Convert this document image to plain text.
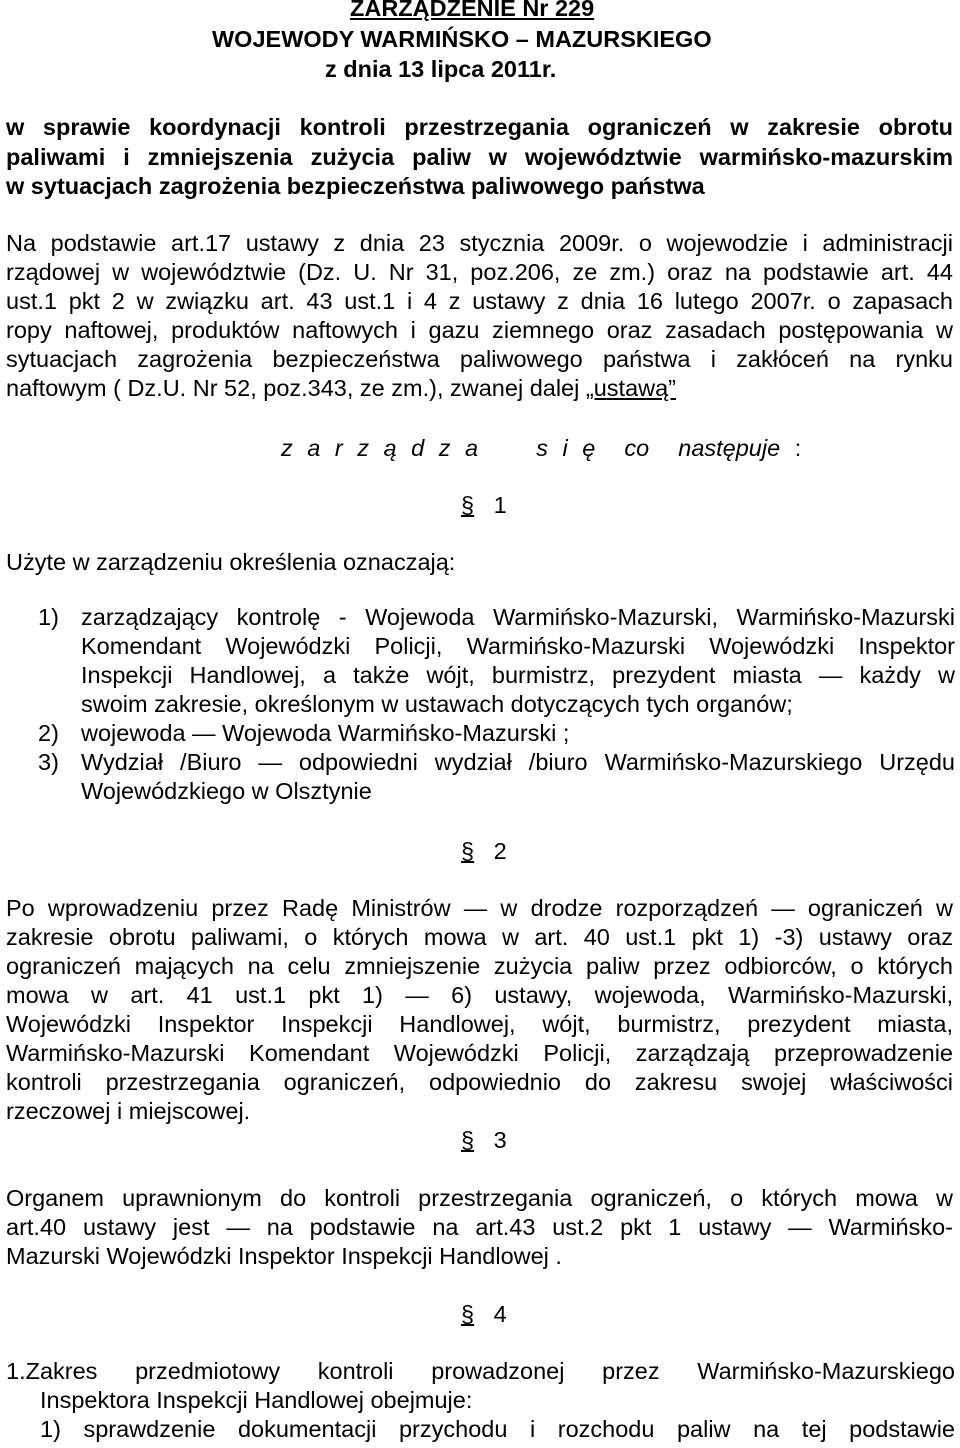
ZARZĄDZENIE Nr 229
WOJEWODY WARMIŃSKO – MAZURSKIEGO
z dnia 13 lipca 2011r.
w sprawie koordynacji kontroli przestrzegania ograniczeń w zakresie obrotu
paliwami i zmniejszenia zużycia paliw w województwie warmińsko-mazurskim
w sytuacjach zagrożenia bezpieczeństwa paliwowego państwa
Na podstawie art.17 ustawy z dnia 23 stycznia 2009r. o wojewodzie i administracji
rządowej w województwie (Dz. U. Nr 31, poz.206, ze zm.) oraz na podstawie art. 44
ust.1 pkt 2 w związku art. 43 ust.1 i 4 z ustawy z dnia 16 lutego 2007r. o zapasach
ropy naftowej, produktów naftowych i gazu ziemnego oraz zasadach postępowania w
sytuacjach zagrożenia bezpieczeństwa paliwowego państwa i zakłóceń na rynku
naftowym ( Dz.U. Nr 52, poz.343, ze zm.), zwanej dalej „ustawą”
z a r z ą d z a s i ę co następuje :
§ 1
Użyte w zarządzeniu określenia oznaczają:
1) zarządzający kontrolę - Wojewoda Warmińsko-Mazurski, Warmińsko-Mazurski
Komendant Wojewódzki Policji, Warmińsko-Mazurski Wojewódzki Inspektor
Inspekcji Handlowej, a także wójt, burmistrz, prezydent miasta — każdy w
swoim zakresie, określonym w ustawach dotyczących tych organów;
2) wojewoda — Wojewoda Warmińsko-Mazurski ;
3) Wydział /Biuro — odpowiedni wydział /biuro Warmińsko-Mazurskiego Urzędu
Wojewódzkiego w Olsztynie
§ 2
Po wprowadzeniu przez Radę Ministrów — w drodze rozporządzeń — ograniczeń w
zakresie obrotu paliwami, o których mowa w art. 40 ust.1 pkt 1) -3) ustawy oraz
ograniczeń mających na celu zmniejszenie zużycia paliw przez odbiorców, o których
mowa w art. 41 ust.1 pkt 1) — 6) ustawy, wojewoda, Warmińsko-Mazurski,
Wojewódzki Inspektor Inspekcji Handlowej, wójt, burmistrz, prezydent miasta,
Warmińsko-Mazurski Komendant Wojewódzki Policji, zarządzają przeprowadzenie
kontroli przestrzegania ograniczeń, odpowiednio do zakresu swojej właściwości
rzeczowej i miejscowej.
§ 3
Organem uprawnionym do kontroli przestrzegania ograniczeń, o których mowa w
art.40 ustawy jest — na podstawie na art.43 ust.2 pkt 1 ustawy — Warmińsko-
Mazurski Wojewódzki Inspektor Inspekcji Handlowej .
§ 4
1.Zakres przedmiotowy kontroli prowadzonej przez Warmińsko-Mazurskiego
Inspektora Inspekcji Handlowej obejmuje:
1) sprawdzenie dokumentacji przychodu i rozchodu paliw na tej podstawie
